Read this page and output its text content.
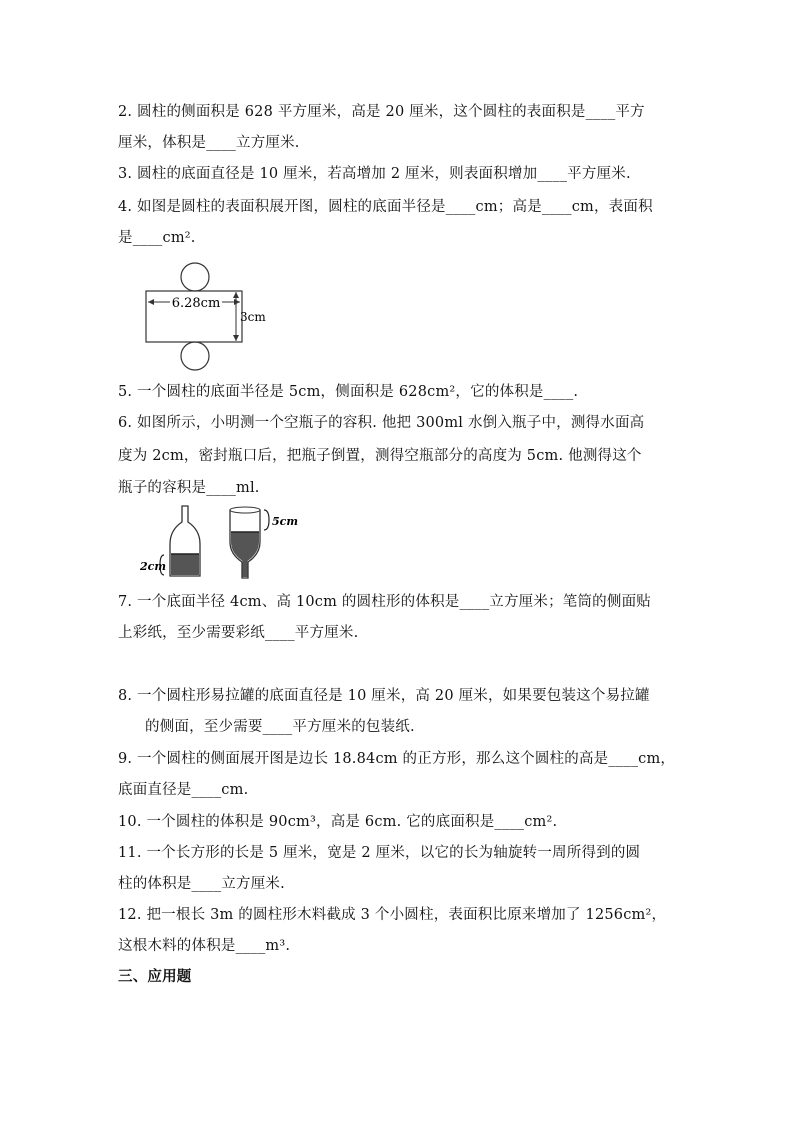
2. 圆柱的侧面积是 628 平方厘米，高是 20 厘米，这个圆柱的表面积是____平方
厘米，体积是____立方厘米.
3. 圆柱的底面直径是 10 厘米，若高增加 2 厘米，则表面积增加____平方厘米.
4. 如图是圆柱的表面积展开图，圆柱的底面半径是____cm；高是____cm，表面积
是____cm².
6.28cm
3cm
5. 一个圆柱的底面半径是 5cm，侧面积是 628cm²，它的体积是____.
6. 如图所示，小明测一个空瓶子的容积. 他把 300ml 水倒入瓶子中，测得水面高
度为 2cm，密封瓶口后，把瓶子倒置，测得空瓶部分的高度为 5cm. 他测得这个
瓶子的容积是____ml.
2cm
5cm
7. 一个底面半径 4cm、高 10cm 的圆柱形的体积是____立方厘米；笔筒的侧面贴
上彩纸，至少需要彩纸____平方厘米.
8. 一个圆柱形易拉罐的底面直径是 10 厘米，高 20 厘米，如果要包装这个易拉罐
的侧面，至少需要____平方厘米的包装纸.
9. 一个圆柱的侧面展开图是边长 18.84cm 的正方形，那么这个圆柱的高是____cm，
底面直径是____cm.
10. 一个圆柱的体积是 90cm³，高是 6cm. 它的底面积是____cm².
11. 一个长方形的长是 5 厘米，宽是 2 厘米，以它的长为轴旋转一周所得到的圆
柱的体积是____立方厘米.
12. 把一根长 3m 的圆柱形木料截成 3 个小圆柱，表面积比原来增加了 1256cm²，
这根木料的体积是____m³.
三、应用题
